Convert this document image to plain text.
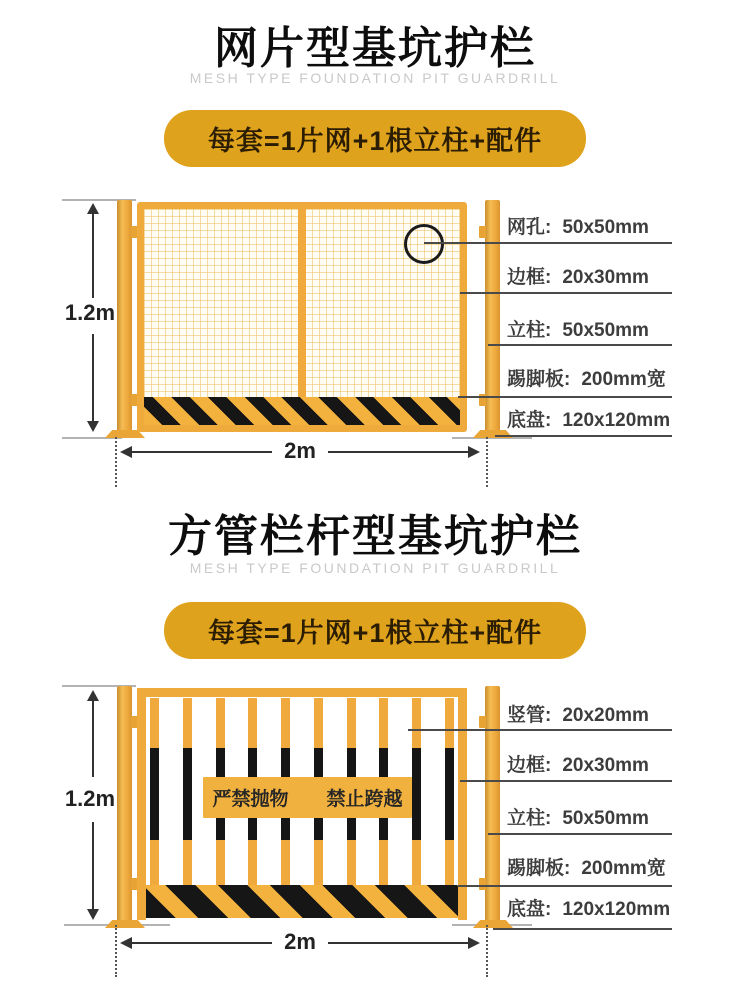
网片型基坑护栏
MESH TYPE FOUNDATION PIT GUARDRILL
每套=1片网+1根立柱+配件
网孔: 50x50mm
边框: 20x30mm
立柱: 50x50mm
踢脚板: 200mm宽
底盘: 120x120mm
1.2m
2m
方管栏杆型基坑护栏
MESH TYPE FOUNDATION PIT GUARDRILL
每套=1片网+1根立柱+配件
严禁抛物 禁止跨越
竖管: 20x20mm
边框: 20x30mm
立柱: 50x50mm
踢脚板: 200mm宽
底盘: 120x120mm
1.2m
2m
